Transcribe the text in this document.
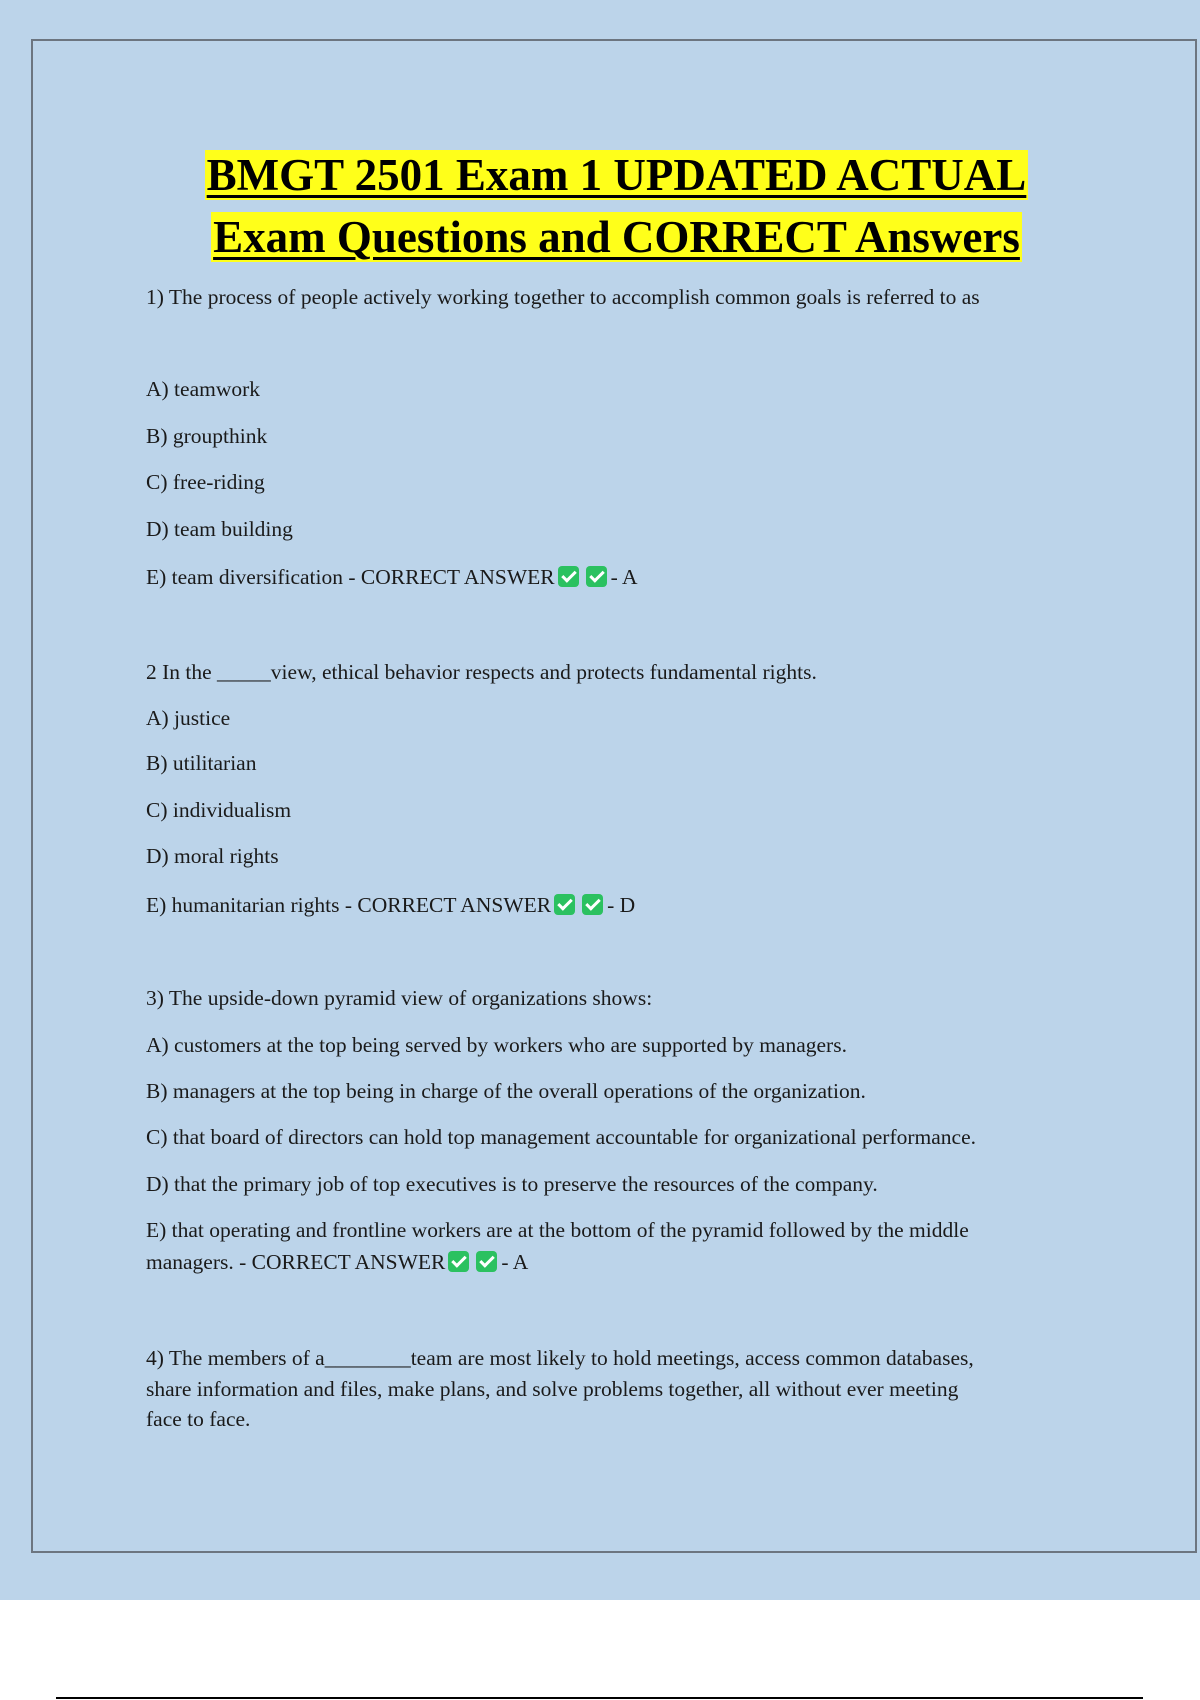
BMGT 2501 Exam 1 UPDATED ACTUAL
Exam Questions and CORRECT Answers

1) The process of people actively working together to accomplish common goals is referred to as

A) teamwork

B) groupthink

C) free-riding

D) team building

E) team diversification - CORRECT ANSWER	- A

2 In the _____view, ethical behavior respects and protects fundamental rights.

A) justice

B) utilitarian

C) individualism

D) moral rights

E) humanitarian rights - CORRECT ANSWER	- D

3) The upside-down pyramid view of organizations shows:

A) customers at the top being served by workers who are supported by managers.

B) managers at the top being in charge of the overall operations of the organization.

C) that board of directors can hold top management accountable for organizational performance.

D) that the primary job of top executives is to preserve the resources of the company.

E) that operating and frontline workers are at the bottom of the pyramid followed by the middle

managers. - CORRECT ANSWER	- A

4) The members of a________team are most likely to hold meetings, access common databases,

share information and files, make plans, and solve problems together, all without ever meeting

face to face.
